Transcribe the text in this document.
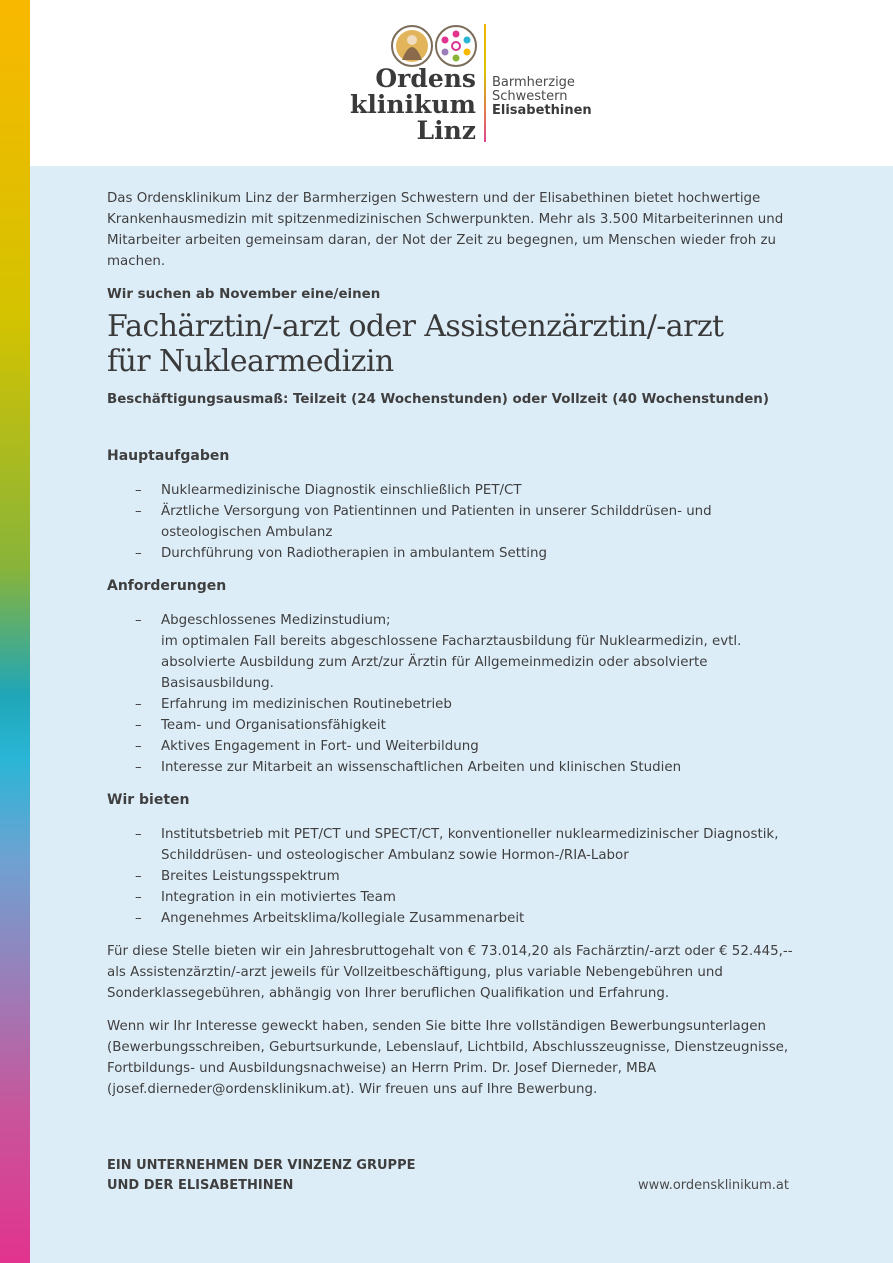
Ordens
klinikum
Linz
Barmherzige
Schwestern
Elisabethinen

Das Ordensklinikum Linz der Barmherzigen Schwestern und der Elisabethinen bietet hochwertige Krankenhausmedizin mit spitzenmedizinischen Schwerpunkten. Mehr als 3.500 Mitarbeiterinnen und Mitarbeiter arbeiten gemeinsam daran, der Not der Zeit zu begegnen, um Menschen wieder froh zu machen.

Wir suchen ab November eine/einen

Fachärztin/-arzt oder Assistenzärztin/-arzt
für Nuklearmedizin

Beschäftigungsausmaß: Teilzeit (24 Wochenstunden) oder Vollzeit (40 Wochenstunden)

Hauptaufgaben
– Nuklearmedizinische Diagnostik einschließlich PET/CT
– Ärztliche Versorgung von Patientinnen und Patienten in unserer Schilddrüsen- und osteologischen Ambulanz
– Durchführung von Radiotherapien in ambulantem Setting
Anforderungen
– Abgeschlossenes Medizinstudium;
im optimalen Fall bereits abgeschlossene Facharztausbildung für Nuklearmedizin, evtl. absolvierte Ausbildung zum Arzt/zur Ärztin für Allgemeinmedizin oder absolvierte Basisausbildung.
– Erfahrung im medizinischen Routinebetrieb
– Team- und Organisationsfähigkeit
– Aktives Engagement in Fort- und Weiterbildung
– Interesse zur Mitarbeit an wissenschaftlichen Arbeiten und klinischen Studien
Wir bieten
– Institutsbetrieb mit PET/CT und SPECT/CT, konventioneller nuklearmedizinischer Diagnostik, Schilddrüsen- und osteologischer Ambulanz sowie Hormon-/RIA-Labor
– Breites Leistungsspektrum
– Integration in ein motiviertes Team
– Angenehmes Arbeitsklima/kollegiale Zusammenarbeit

Für diese Stelle bieten wir ein Jahresbruttogehalt von € 73.014,20 als Fachärztin/-arzt oder € 52.445,-- als Assistenzärztin/-arzt jeweils für Vollzeitbeschäftigung, plus variable Nebengebühren und Sonderklassegebühren, abhängig von Ihrer beruflichen Qualifikation und Erfahrung.

Wenn wir Ihr Interesse geweckt haben, senden Sie bitte Ihre vollständigen Bewerbungsunterlagen (Bewerbungsschreiben, Geburtsurkunde, Lebenslauf, Lichtbild, Abschlusszeugnisse, Dienstzeugnisse, Fortbildungs- und Ausbildungsnachweise) an Herrn Prim. Dr. Josef Dierneder, MBA (josef.dierneder@ordensklinikum.at). Wir freuen uns auf Ihre Bewerbung.

EIN UNTERNEHMEN DER VINZENZ GRUPPE
UND DER ELISABETHINEN	www.ordensklinikum.at
